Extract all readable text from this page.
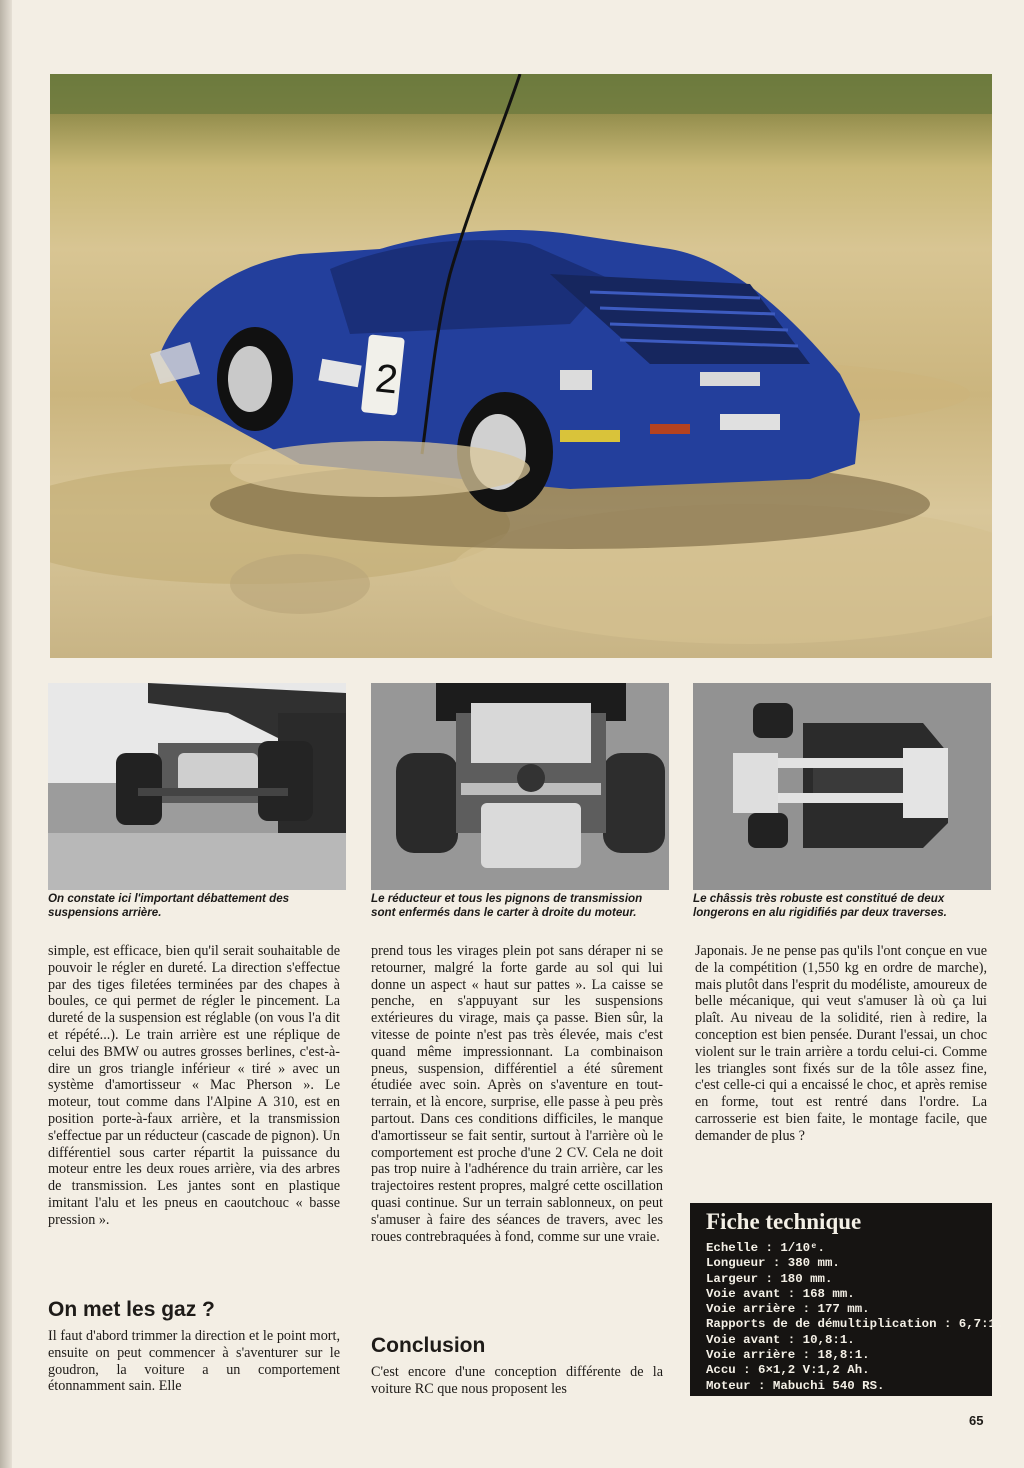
2
On constate ici l'important débattement des suspensions arrière.
Le réducteur et tous les pignons de transmission sont enfermés dans le carter à droite du moteur.
Le châssis très robuste est constitué de deux longerons en alu rigidifiés par deux traverses.

simple, est efficace, bien qu'il serait souhaitable de pouvoir le régler en dureté. La direction s'effectue par des tiges filetées terminées par des chapes à boules, ce qui permet de régler le pincement. La dureté de la suspension est réglable (on vous l'a dit et répété...). Le train arrière est une réplique de celui des BMW ou autres grosses berlines, c'est-à-dire un gros triangle inférieur « tiré » avec un système d'amortisseur « Mac Pherson ». Le moteur, tout comme dans l'Alpine A 310, est en position porte-à-faux arrière, et la transmission s'effectue par un réducteur (cascade de pignon). Un différentiel sous carter répartit la puissance du moteur entre les deux roues arrière, via des arbres de transmission. Les jantes sont en plastique imitant l'alu et les pneus en caoutchouc « basse pression ».

On met les gaz ?

Il faut d'abord trimmer la direction et le point mort, ensuite on peut commencer à s'aventurer sur le goudron, la voiture a un comportement étonnamment sain. Elle

prend tous les virages plein pot sans déraper ni se retourner, malgré la forte garde au sol qui lui donne un aspect « haut sur pattes ». La caisse se penche, en s'appuyant sur les suspensions extérieures du virage, mais ça passe. Bien sûr, la vitesse de pointe n'est pas très élevée, mais c'est quand même impressionnant. La combinaison pneus, suspension, différentiel a été sûrement étudiée avec soin. Après on s'aventure en tout-terrain, et là encore, surprise, elle passe à peu près partout. Dans ces conditions difficiles, le manque d'amortisseur se fait sentir, surtout à l'arrière où le comportement est proche d'une 2 CV. Cela ne doit pas trop nuire à l'adhérence du train arrière, car les trajectoires restent propres, malgré cette oscillation quasi continue. Sur un terrain sablonneux, on peut s'amuser à faire des séances de travers, avec les roues contrebraquées à fond, comme sur une vraie.

Conclusion

C'est encore d'une conception différente de la voiture RC que nous proposent les

Japonais. Je ne pense pas qu'ils l'ont conçue en vue de la compétition (1,550 kg en ordre de marche), mais plutôt dans l'esprit du modéliste, amoureux de belle mécanique, qui veut s'amuser là où ça lui plaît. Au niveau de la solidité, rien à redire, la conception est bien pensée. Durant l'essai, un choc violent sur le train arrière a tordu celui-ci. Comme les triangles sont fixés sur de la tôle assez fine, c'est celle-ci qui a encaissé le choc, et après remise en forme, tout est rentré dans l'ordre. La carrosserie est bien faite, le montage facile, que demander de plus ?

Fiche technique
Echelle : 1/10ᵉ.
Longueur : 380 mm.
Largeur : 180 mm.
Voie avant : 168 mm.
Voie arrière : 177 mm.
Rapports de de démultiplication : 6,7:1.
Voie avant : 10,8:1.
Voie arrière : 18,8:1.
Accu : 6×1,2 V:1,2 Ah.
Moteur : Mabuchi 540 RS.
65
